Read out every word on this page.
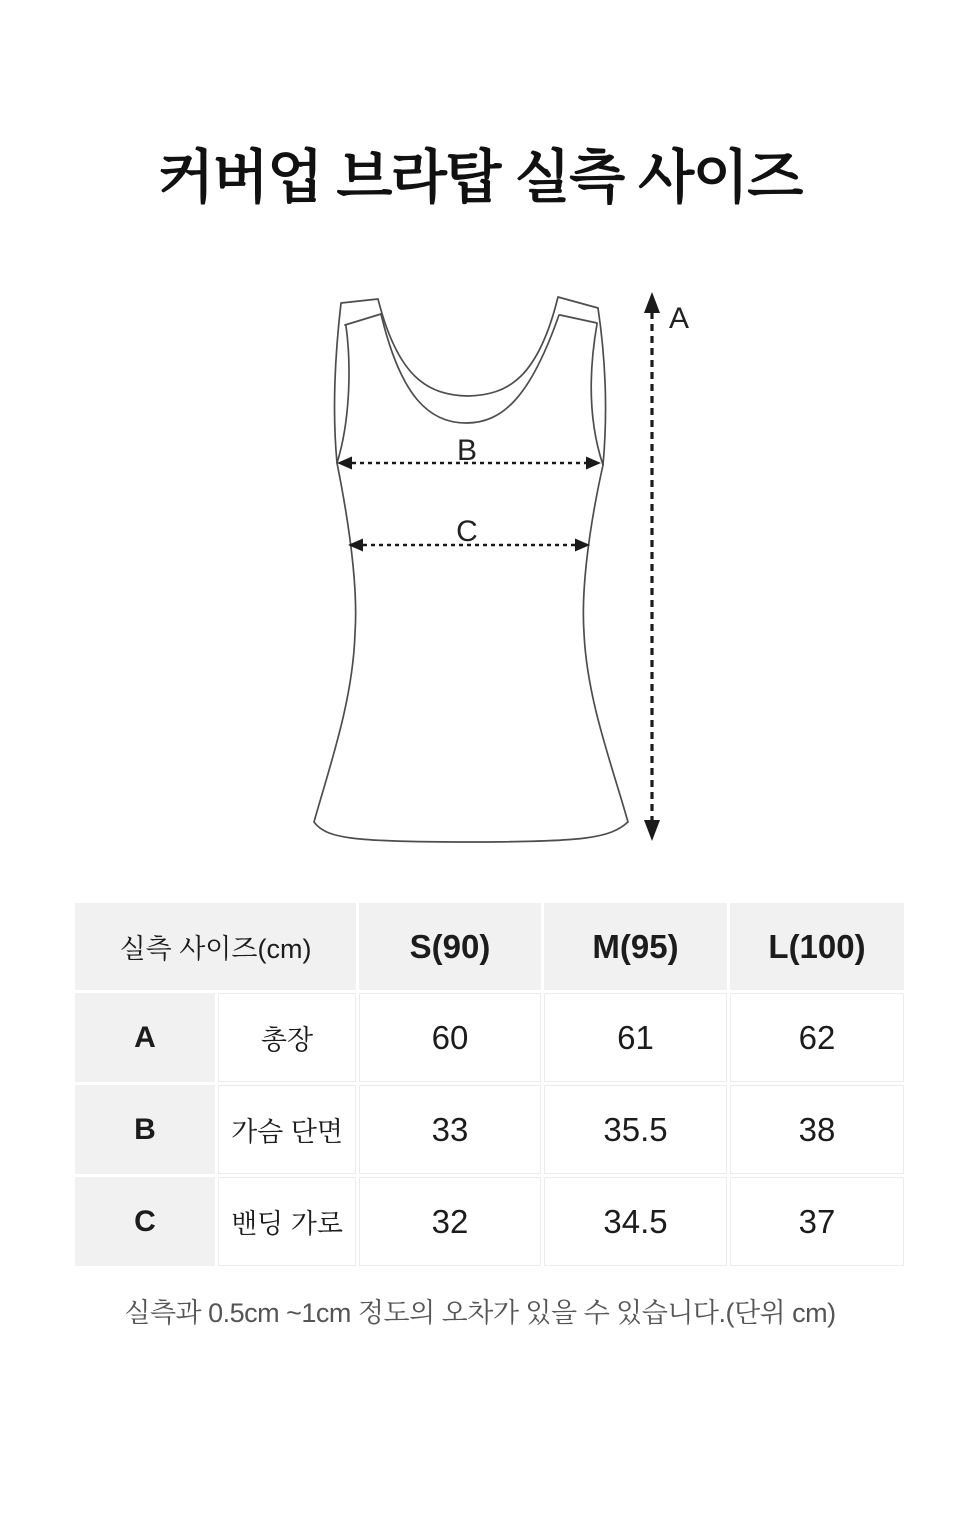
커버업 브라탑 실측 사이즈
B
C
A
실측 사이즈(cm)		S(90)	M(95)	L(100)
A	총장	60	61	62
B	가슴 단면	33	35.5	38
C	밴딩 가로	32	34.5	37
실측과 0.5cm ~1cm 정도의 오차가 있을 수 있습니다.(단위 cm)
